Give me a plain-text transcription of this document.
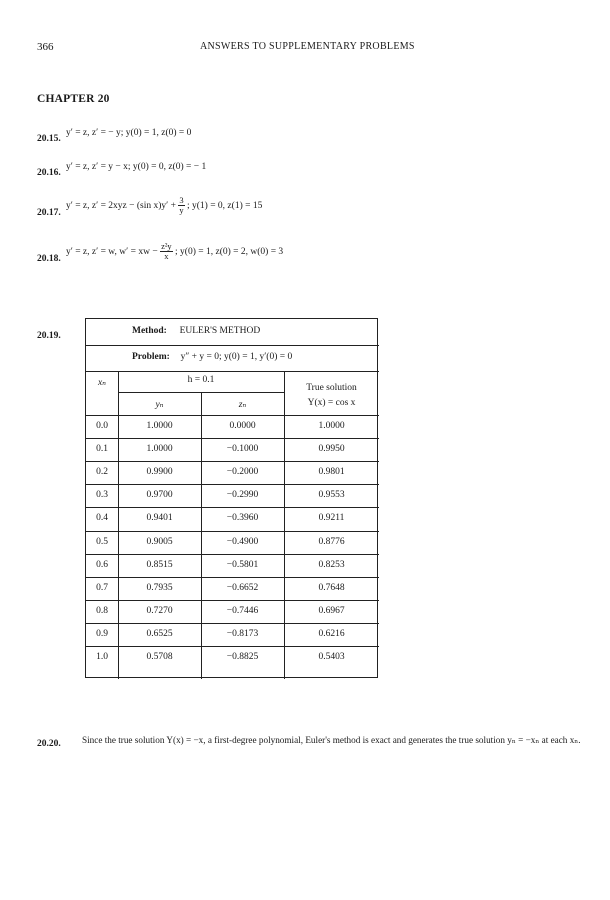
366	ANSWERS TO SUPPLEMENTARY PROBLEMS
CHAPTER 20
20.15.
y′ = z, z′ = − y; y(0) = 1, z(0) = 0
20.16.
y′ = z, z′ = y − x; y(0) = 0, z(0) = − 1
20.17.
y′ = z, z′ = 2xyz − (sin $x)y' + \frac{3}{y}$ ; y(1) = 0, z(1) = 15
20.18.
y′ = z, z′ = w, w′ = xw − $\frac{\text{z²y}}{x}$ ; y(0) = 1, z(0) = 2, w(0) = 3
20.19.	Method: EULER'S METHOD
Problem: y″ + y = 0; y(0) = 1, y′(0) = 0
xₙ	h = 0.1
yₙ	zₙ
True solution
Y(x) = cos x
0.0	1.0000	0.0000	1.0000
0.1	1.0000	−0.1000	0.9950
0.2	0.9900	−0.2000	0.9801
0.3	0.9700	−0.2990	0.9553
0.4	0.9401	−0.3960	0.9211
0.5	0.9005	−0.4900	0.8776
0.6	0.8515	−0.5801	0.8253
0.7	0.7935	−0.6652	0.7648
0.8	0.7270	−0.7446	0.6967
0.9	0.6525	−0.8173	0.6216
1.0	0.5708	−0.8825	0.5403
20.20. Since the true solution Y(x) = −x, a first-degree polynomial, Euler's method is exact and generates the true solution yₙ = −xₙ at each xₙ.
